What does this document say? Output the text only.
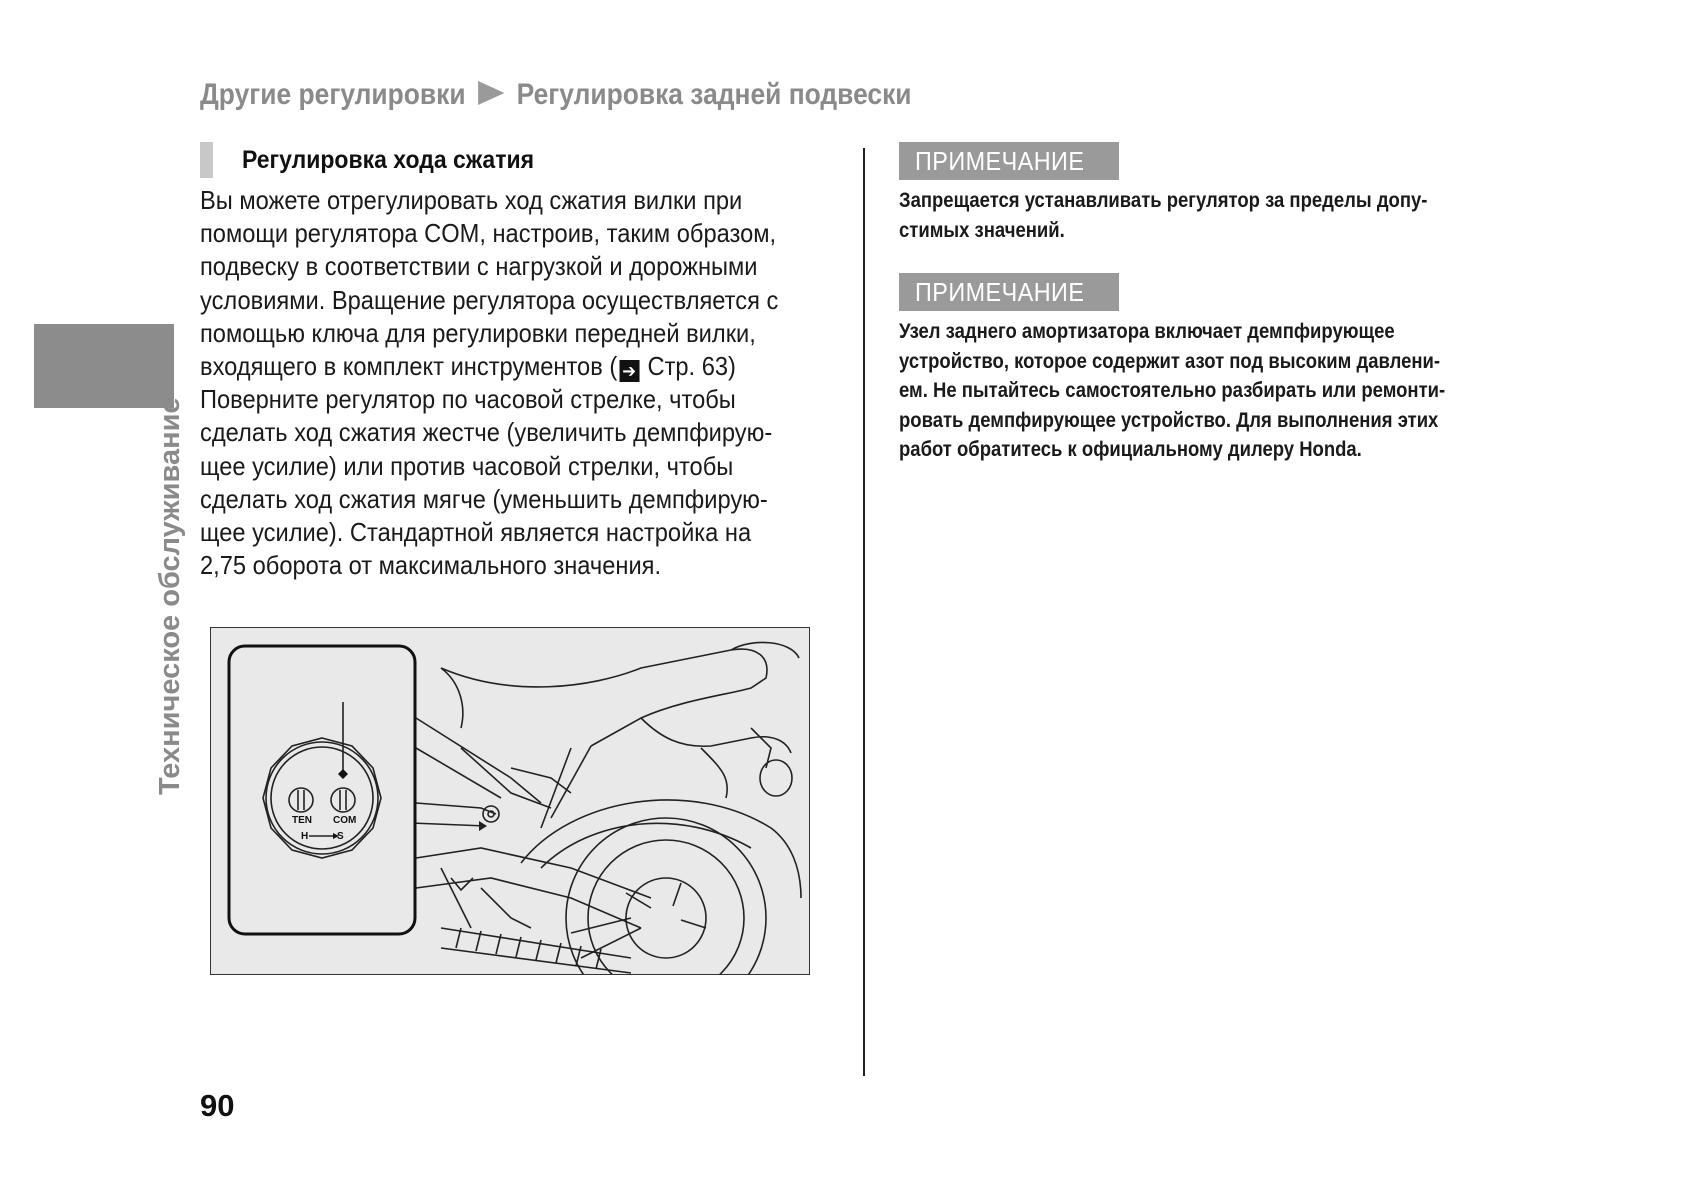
Другие регулировки Регулировка задней подвески
Техническое обслуживание
Регулировка хода сжатия
Вы можете отрегулировать ход сжатия вилки при
помощи регулятора COM, настроив, таким образом,
подвеску в соответствии с нагрузкой и дорожными
условиями. Вращение регулятора осуществляется с
помощью ключа для регулировки передней вилки,
входящего в комплект инструментов ( ➔ Стр. 63)
Поверните регулятор по часовой стрелке, чтобы
сделать ход сжатия жестче (увеличить демпфирую-
щее усилие) или против часовой стрелки, чтобы
сделать ход сжатия мягче (уменьшить демпфирую-
щее усилие). Стандартной является настройка на
2,75 оборота от максимального значения.
TEN COM
H	S
ПРИМЕЧАНИЕ
Запрещается устанавливать регулятор за пределы допу-
стимых значений.
ПРИМЕЧАНИЕ
Узел заднего амортизатора включает демпфирующее
устройство, которое содержит азот под высоким давлени-
ем. Не пытайтесь самостоятельно разбирать или ремонти-
ровать демпфирующее устройство. Для выполнения этих
работ обратитесь к официальному дилеру Honda.
90
